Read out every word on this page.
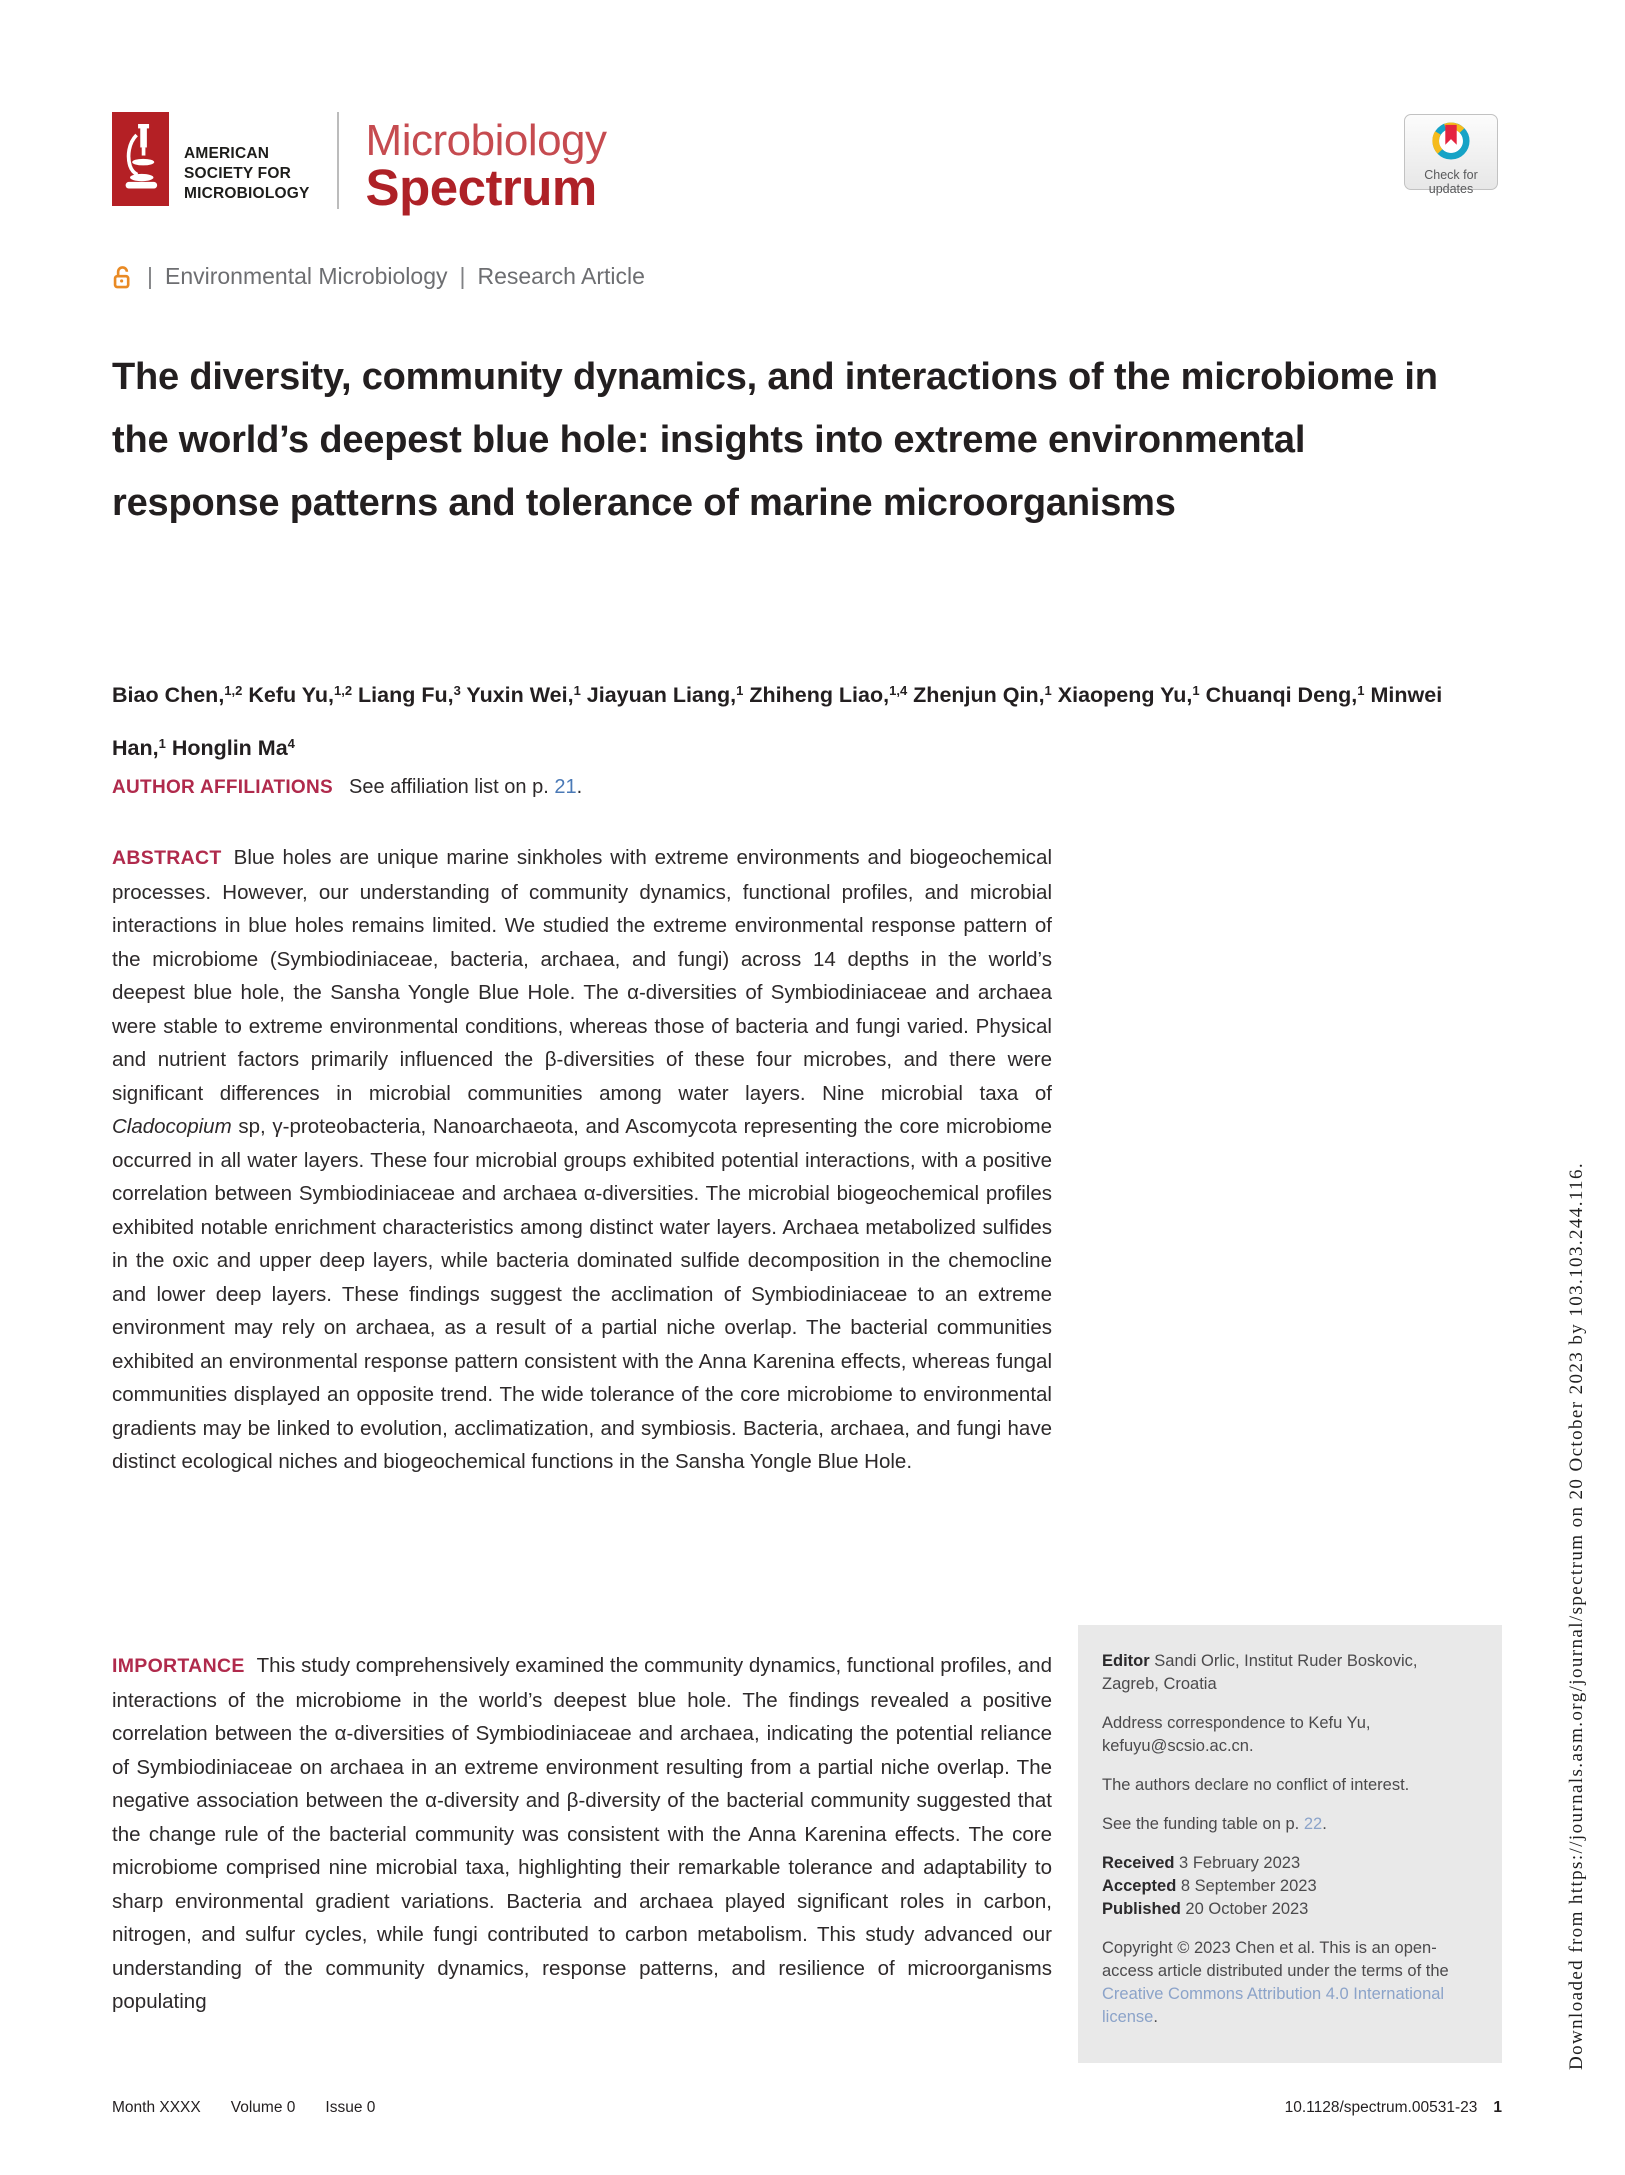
AMERICAN
SOCIETY FOR
MICROBIOLOGY
Microbiology
Spectrum	Check for
updates
| Environmental Microbiology | Research Article
The diversity, community dynamics, and interactions of the microbiome in the world’s deepest blue hole: insights into extreme environmental response patterns and tolerance of marine microorganisms
Biao Chen,$^{1,2}$ Kefu Yu,$^{1,2}$ Liang Fu,$^3$ Yuxin Wei,$^1$ Jiayuan Liang,$^1$ Zhiheng Liao,$^{1,4}$ Zhenjun Qin,$^1$ Xiaopeng Yu,$^1$ Chuanqi Deng,$^1$ Minwei Han,$^1$ Honglin Ma$^4$
AUTHOR AFFILIATIONS See affiliation list on p. 21.

ABSTRACT Blue holes are unique marine sinkholes with extreme environments and biogeochemical processes. However, our understanding of community dynamics, functional profiles, and microbial interactions in blue holes remains limited. We studied the extreme environmental response pattern of the microbiome (Symbiodiniaceae, bacteria, archaea, and fungi) across 14 depths in the world’s deepest blue hole, the Sansha Yongle Blue Hole. The α-diversities of Symbiodiniaceae and archaea were stable to extreme environmental conditions, whereas those of bacteria and fungi varied. Physical and nutrient factors primarily influenced the β-diversities of these four microbes, and there were significant differences in microbial communities among water layers. Nine microbial taxa of Cladocopium sp, γ-proteobacteria, Nanoarchaeota, and Ascomycota representing the core microbiome occurred in all water layers. These four microbial groups exhibited potential interactions, with a positive correlation between Symbiodiniaceae and archaea α-diversities. The microbial biogeochemical profiles exhibited notable enrichment characteristics among distinct water layers. Archaea metabolized sulfides in the oxic and upper deep layers, while bacteria dominated sulfide decomposition in the chemocline and lower deep layers. These findings suggest the acclimation of Symbiodiniaceae to an extreme environment may rely on archaea, as a result of a partial niche overlap. The bacterial communities exhibited an environmental response pattern consistent with the Anna Karenina effects, whereas fungal communities displayed an opposite trend. The wide tolerance of the core microbiome to environmental gradients may be linked to evolution, acclimatization, and symbiosis. Bacteria, archaea, and fungi have distinct ecological niches and biogeochemical functions in the Sansha Yongle Blue Hole.

IMPORTANCE This study comprehensively examined the community dynamics, functional profiles, and interactions of the microbiome in the world’s deepest blue hole. The findings revealed a positive correlation between the α-diversities of Symbiodiniaceae and archaea, indicating the potential reliance of Symbiodiniaceae on archaea in an extreme environment resulting from a partial niche overlap. The negative association between the α-diversity and β-diversity of the bacterial community suggested that the change rule of the bacterial community was consistent with the Anna Karenina effects. The core microbiome comprised nine microbial taxa, highlighting their remarkable tolerance and adaptability to sharp environmental gradient variations. Bacteria and archaea played significant roles in carbon, nitrogen, and sulfur cycles, while fungi contributed to carbon metabolism. This study advanced our understanding of the community dynamics, response patterns, and resilience of microorganisms populating

Editor Sandi Orlic, Institut Ruder Boskovic, Zagreb, Croatia

Address correspondence to Kefu Yu, kefuyu@scsio.ac.cn.

The authors declare no conflict of interest.

See the funding table on p. 22.

Received 3 February 2023
Accepted 8 September 2023
Published 20 October 2023

Copyright © 2023 Chen et al. This is an open-access article distributed under the terms of the Creative Commons Attribution 4.0 International license.

Month XXXX Volume 0 Issue 0	10.1128/spectrum.00531-23 1
Downloaded from https://journals.asm.org/journal/spectrum on 20 October 2023 by 103.103.244.116.
